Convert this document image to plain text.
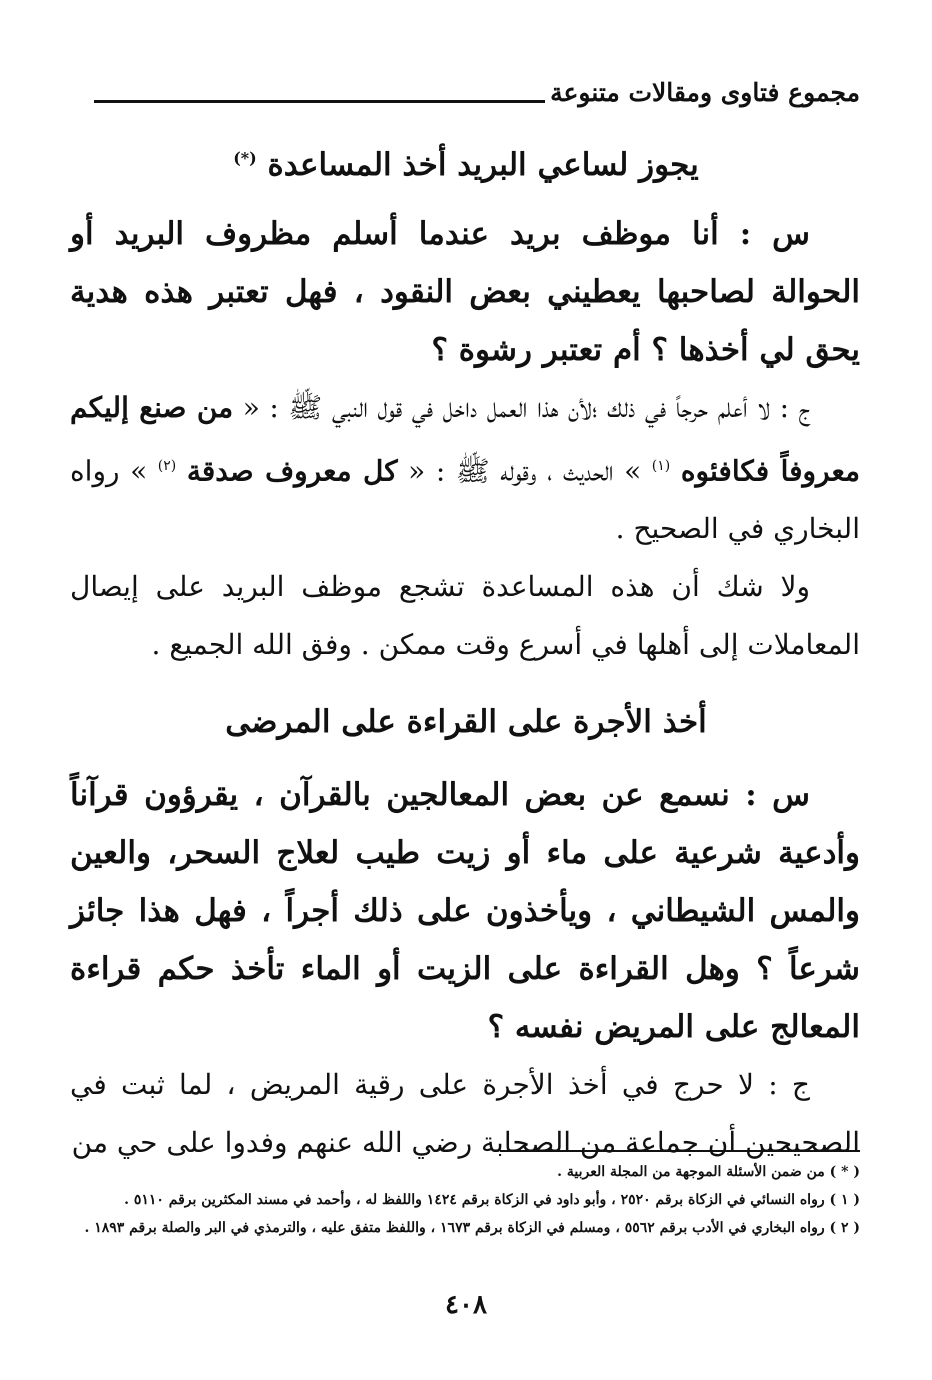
مجموع فتاوى ومقالات متنوعة
يجوز لساعي البريد أخذ المساعدة (*)

س : أنا موظف بريد عندما أسلم مظروف البريد أو الحوالة لصاحبها يعطيني بعض النقود ، فهل تعتبر هذه هدية يحق لي أخذها ؟ أم تعتبر رشوة ؟

ج : لا أعلم حرجاً في ذلك ؛لأن هذا العمل داخل في قول النبي ﷺ : « من صنع إليكم معروفاً فكافئوه $^{(١)}$ » الحديث ، وقوله ﷺ : « كل معروف صدقة $^{(٢)}$ » رواه البخاري في الصحيح .

ولا شك أن هذه المساعدة تشجع موظف البريد على إيصال المعاملات إلى أهلها في أسرع وقت ممكن . وفق الله الجميع .

أخذ الأجرة على القراءة على المرضى

س : نسمع عن بعض المعالجين بالقرآن ، يقرؤون قرآناً وأدعية شرعية على ماء أو زيت طيب لعلاج السحر، والعين والمس الشيطاني ، ويأخذون على ذلك أجراً ، فهل هذا جائز شرعاً ؟ وهل القراءة على الزيت أو الماء تأخذ حكم قراءة المعالج على المريض نفسه ؟

ج : لا حرج في أخذ الأجرة على رقية المريض ، لما ثبت في الصحيحين أن جماعة من الصحابة رضي الله عنهم وفدوا على حي من

( * ) من ضمن الأسئلة الموجهة من المجلة العربية .
( ١ ) رواه النسائي في الزكاة برقم ٢٥٢٠ ، وأبو داود في الزكاة برقم ١٤٢٤ واللفظ له ، وأحمد في مسند المكثرين برقم ٥١١٠ .
( ٢ ) رواه البخاري في الأدب برقم ٥٥٦٢ ، ومسلم في الزكاة برقم ١٦٧٣ ، واللفظ متفق عليه ، والترمذي في البر والصلة برقم ١٨٩٣ .
٤٠٨
